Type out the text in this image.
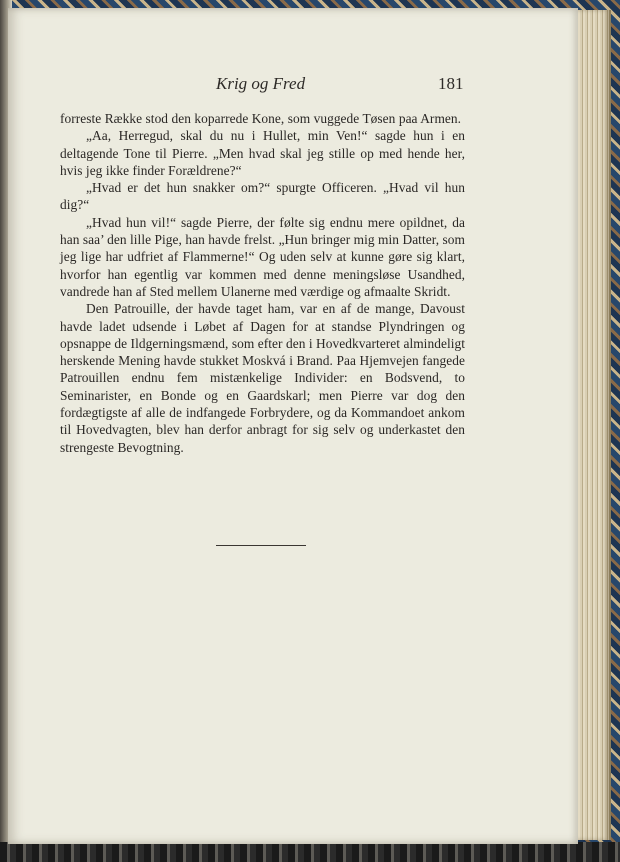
Krig og Fred	181

forreste Række stod den koparrede Kone, som vuggede Tøsen paa Armen.

„Aa, Herregud, skal du nu i Hullet, min Ven!“ sagde hun i en deltagende Tone til Pierre. „Men hvad skal jeg stille op med hende her, hvis jeg ikke finder Forældrene?“

„Hvad er det hun snakker om?“ spurgte Officeren. „Hvad vil hun dig?“

„Hvad hun vil!“ sagde Pierre, der følte sig endnu mere opildnet, da han saa’ den lille Pige, han havde frelst. „Hun bringer mig min Datter, som jeg lige har udfriet af Flammerne!“ Og uden selv at kunne gøre sig klart, hvorfor han egentlig var kommen med denne meningsløse Usandhed, vandrede han af Sted mellem Ulanerne med værdige og afmaalte Skridt.

Den Patrouille, der havde taget ham, var en af de mange, Davoust havde ladet udsende i Løbet af Dagen for at standse Plyndringen og opsnappe de Ildgerningsmænd, som efter den i Hovedkvarteret almindeligt herskende Mening havde stukket Moskvá i Brand. Paa Hjemvejen fangede Patrouillen endnu fem mistænkelige Individer: en Bodsvend, to Seminarister, en Bonde og en Gaardskarl; men Pierre var dog den fordægtigste af alle de indfangede Forbrydere, og da Kommandoet ankom til Hovedvagten, blev han derfor anbragt for sig selv og underkastet den strengeste Bevogtning.
